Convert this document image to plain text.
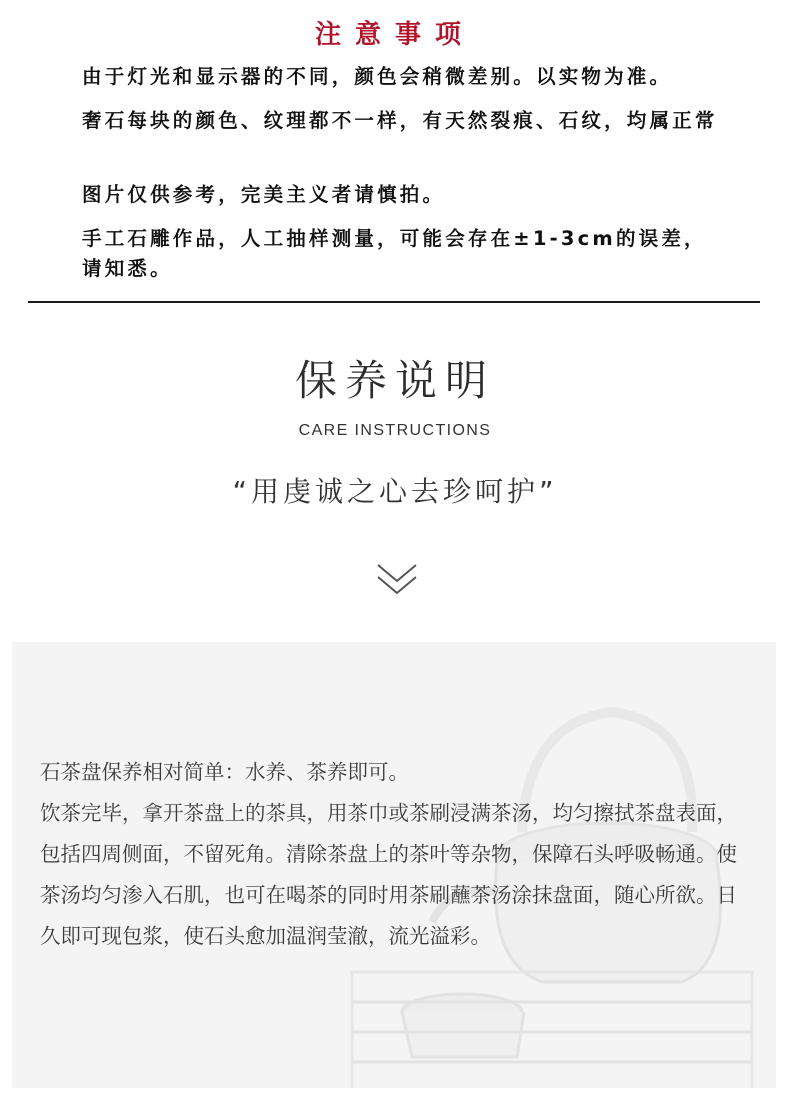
注意事项
由于灯光和显示器的不同，颜色会稍微差别。以实物为准。
奢石每块的颜色、纹理都不一样，有天然裂痕、石纹，均属正常
图片仅供参考，完美主义者请慎拍。
手工石雕作品，人工抽样测量，可能会存在±1-3cm的误差，请知悉。
保养说明
CARE INSTRUCTIONS
“用虔诚之心去珍呵护”

石茶盘保养相对简单：水养、茶养即可。

饮茶完毕，拿开茶盘上的茶具，用茶巾或茶刷浸满茶汤，均匀擦拭茶盘表面，包括四周侧面，不留死角。清除茶盘上的茶叶等杂物，保障石头呼吸畅通。使茶汤均匀渗入石肌，也可在喝茶的同时用茶刷蘸茶汤涂抹盘面，随心所欲。日久即可现包浆，使石头愈加温润莹澈，流光溢彩。
